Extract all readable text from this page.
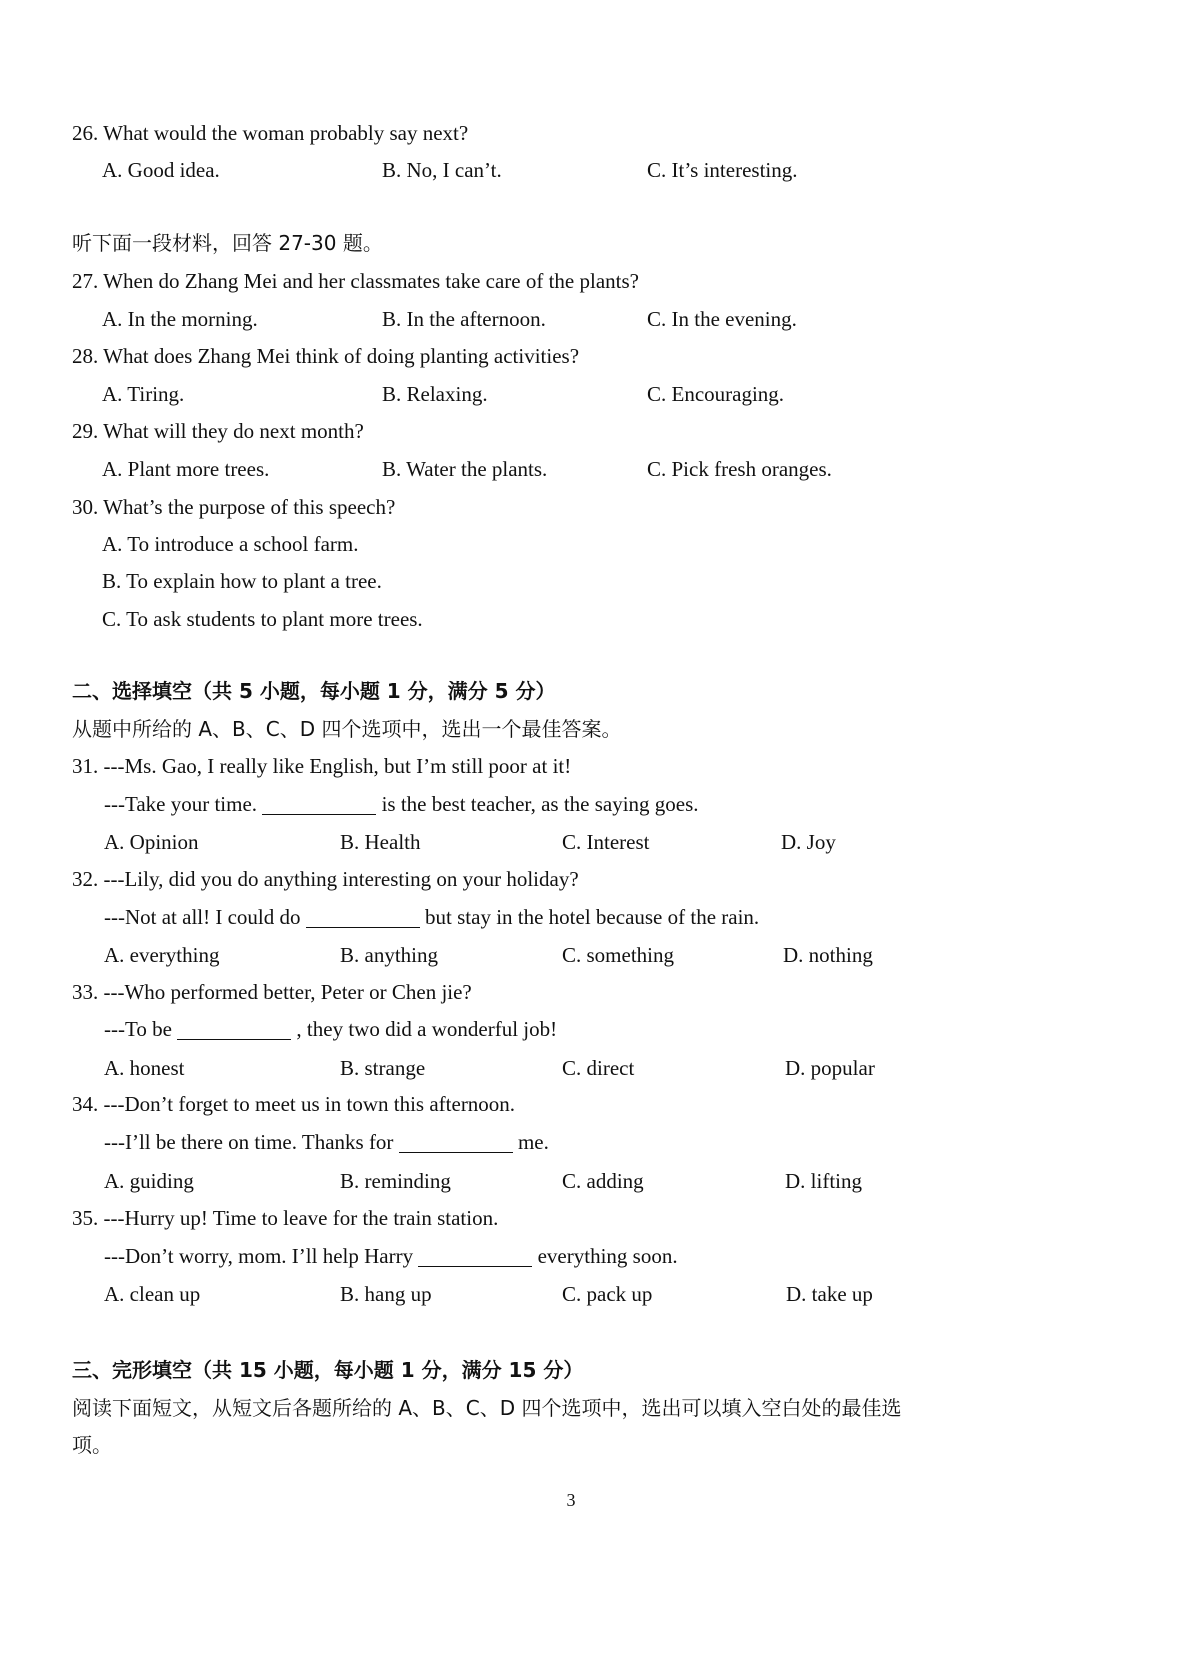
26. What would the woman probably say next?
A. Good idea.	B. No, I can’t.	C. It’s interesting.
听下面一段材料，回答 27-30 题。
27. When do Zhang Mei and her classmates take care of the plants?
A. In the morning.	B. In the afternoon.	C. In the evening.
28. What does Zhang Mei think of doing planting activities?
A. Tiring.	B. Relaxing.	C. Encouraging.
29. What will they do next month?
A. Plant more trees.	B. Water the plants.	C. Pick fresh oranges.
30. What’s the purpose of this speech?
A. To introduce a school farm.
B. To explain how to plant a tree.
C. To ask students to plant more trees.
二、选择填空（共 5 小题，每小题 1 分，满分 5 分）
从题中所给的 A、B、C、D 四个选项中，选出一个最佳答案。
31. ---Ms. Gao, I really like English, but I’m still poor at it!
---Take your time.	is the best teacher, as the saying goes.
A. Opinion	B. Health	C. Interest	D. Joy
32. ---Lily, did you do anything interesting on your holiday?
---Not at all! I could do	but stay in the hotel because of the rain.
A. everything	B. anything	C. something	D. nothing
33. ---Who performed better, Peter or Chen jie?
---To be	, they two did a wonderful job!
A. honest	B. strange	C. direct	D. popular
34. ---Don’t forget to meet us in town this afternoon.
---I’ll be there on time. Thanks for	me.
A. guiding	B. reminding	C. adding	D. lifting
35. ---Hurry up! Time to leave for the train station.
---Don’t worry, mom. I’ll help Harry	everything soon.
A. clean up	B. hang up	C. pack up	D. take up
三、完形填空（共 15 小题，每小题 1 分，满分 15 分）
阅读下面短文，从短文后各题所给的 A、B、C、D 四个选项中，选出可以填入空白处的最佳选
项。
3
